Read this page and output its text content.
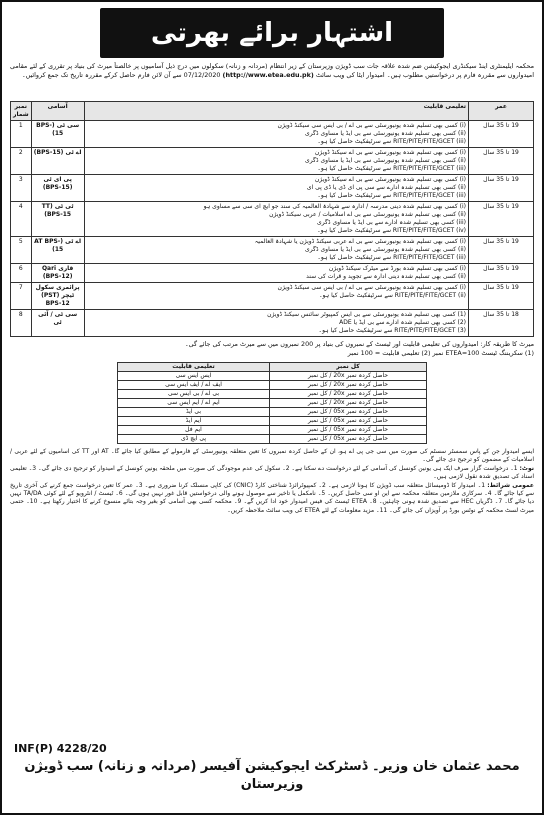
اشتہار برائے بھرتی
محکمہ ایلیمنٹری اینڈ سیکنڈری ایجوکیشن ضم شدہ علاقہ جات سب ڈویژن وزیرستان کے زیر انتظام (مردانہ و زنانہ) سکولوں میں درج ذیل آسامیوں پر خالصتاً میرٹ کی بنیاد پر تقرری کے لئے مقامی امیدواروں سے مقررہ فارم پر درخواستیں مطلوب ہیں۔ امیدوار ایٹا کی ویب سائٹ (http://www.etea.edu.pk) 07/12/2020 سے آن لائن فارم حاصل کرکے مقررہ تاریخ تک جمع کروائیں۔
نمبر شمار	آسامی	تعلیمی قابلیت	عمر
1	سی ٹی (BPS-15)	(i) کسی بھی تسلیم شدہ یونیورسٹی سے بی اے / بی ایس سی سیکنڈ ڈویژن
(ii) کسی بھی تسلیم شدہ یونیورسٹی سے بی ایڈ یا مساوی ڈگری
(iii) RITE/PITE/FITE/GCET سے سرٹیفکیٹ حاصل کیا ہو۔	19 تا 35 سال
2	اے ٹی (BPS-15)	(i) کسی بھی تسلیم شدہ یونیورسٹی سے بی اے سیکنڈ ڈویژن
(ii) کسی بھی تسلیم شدہ یونیورسٹی سے بی ایڈ یا مساوی ڈگری
(iii) RITE/PITE/FITE/GCET سے سرٹیفکیٹ حاصل کیا ہو۔	19 تا 35 سال
3	پی ای ٹی (BPS-15)	(i) کسی بھی تسلیم شدہ یونیورسٹی سے بی اے سیکنڈ ڈویژن
(ii) کسی بھی تسلیم شدہ ادارے سے سی پی ای ڈی یا ڈی پی ای
(iii) RITE/PITE/FITE/GCET سے سرٹیفکیٹ حاصل کیا ہو۔	19 تا 35 سال
4	ٹی ٹی (TT BPS-15)	(i) کسی بھی تسلیم شدہ دینی مدرسہ / ادارہ سے شہادۃ العالمیہ کی سند جو ایچ ای سی سے مساوی ہو
(ii) کسی بھی تسلیم شدہ یونیورسٹی سے بی اے اسلامیات / عربی سیکنڈ ڈویژن
(iii) کسی بھی تسلیم شدہ ادارے سے بی ایڈ یا مساوی ڈگری
(iv) RITE/PITE/FITE/GCET سے سرٹیفکیٹ حاصل کیا ہو۔	19 تا 35 سال
5	اے ٹی (AT BPS-15)	(i) کسی بھی تسلیم شدہ یونیورسٹی سے بی اے عربی سیکنڈ ڈویژن یا شہادۃ العالمیہ
(ii) کسی بھی تسلیم شدہ یونیورسٹی سے بی ایڈ یا مساوی ڈگری
(iii) RITE/PITE/FITE/GCET سے سرٹیفکیٹ حاصل کیا ہو۔	19 تا 35 سال
6	قاری Qari (BPS-12)	(i) کسی بھی تسلیم شدہ بورڈ سے میٹرک سیکنڈ ڈویژن
(ii) کسی بھی تسلیم شدہ دینی ادارہ سے تجوید و قرات کی سند	19 تا 35 سال
7	پرائمری سکول ٹیچر (PST) BPS-12	(i) کسی بھی تسلیم شدہ یونیورسٹی سے بی اے / بی ایس سی سیکنڈ ڈویژن
(ii) RITE/PITE/FITE/GCET سے سرٹیفکیٹ حاصل کیا ہو۔	19 تا 35 سال
8	سی ٹی / آئی ٹی	(1) کسی بھی تسلیم شدہ یونیورسٹی سے بی ایس کمپیوٹر سائنس سیکنڈ ڈویژن
(2) کسی بھی تسلیم شدہ ادارے سے بی ایڈ یا ADE
(3) RITE/PITE/FITE/GCET سے سرٹیفکیٹ حاصل کیا ہو۔	18 تا 35 سال
میرٹ کا طریقہ کار: امیدواروں کی تعلیمی قابلیت اور ٹیسٹ کے نمبروں کی بنیاد پر 200 نمبروں میں سے میرٹ مرتب کی جائے گی۔
(1) سکریننگ ٹیسٹ 100=ETEA نمبر (2) تعلیمی قابلیت = 100 نمبر
تعلیمی قابلیت	کل نمبر
ایس ایس سی	حاصل کردہ نمبر 20x / کل نمبر
ایف اے / ایف ایس سی	حاصل کردہ نمبر 20x / کل نمبر
بی اے / بی ایس سی	حاصل کردہ نمبر 20x / کل نمبر
ایم اے / ایم ایس سی	حاصل کردہ نمبر 20x / کل نمبر
بی ایڈ	حاصل کردہ نمبر 05x / کل نمبر
ایم ایڈ	حاصل کردہ نمبر 05x / کل نمبر
ایم فل	حاصل کردہ نمبر 05x / کل نمبر
پی ایچ ڈی	حاصل کردہ نمبر 05x / کل نمبر
ایسے امیدوار جن کے پاس سمسٹر سسٹم کی صورت میں سی جی پی اے ہو، ان کے حاصل کردہ نمبروں کا تعین متعلقہ یونیورسٹی کے فارمولے کے مطابق کیا جائے گا۔ AT اور TT کی آسامیوں کے لئے عربی / اسلامیات کے مضمون کو ترجیح دی جائے گی۔
نوٹ: 1۔ درخواست گزار صرف ایک ہی یونین کونسل کی آسامی کے لئے درخواست دے سکتا ہے۔ 2۔ سکول کی عدم موجودگی کی صورت میں ملحقہ یونین کونسل کے امیدوار کو ترجیح دی جائے گی۔ 3۔ تعلیمی اسناد کی تصدیق شدہ نقول لازمی ہیں۔
عمومی شرائط: 1۔ امیدوار کا ڈومیسائل متعلقہ سب ڈویژن کا ہونا لازمی ہے۔ 2۔ کمپیوٹرائزڈ شناختی کارڈ (CNIC) کی کاپی منسلک کرنا ضروری ہے۔ 3۔ عمر کا تعین درخواست جمع کرنے کی آخری تاریخ سے کیا جائے گا۔ 4۔ سرکاری ملازمین متعلقہ محکمہ سے این او سی حاصل کریں۔ 5۔ نامکمل یا تاخیر سے موصول ہونے والی درخواستیں قابل غور نہیں ہوں گی۔ 6۔ ٹیسٹ / انٹرویو کے لئے کوئی TA/DA نہیں دیا جائے گا۔ 7۔ ڈگریاں HEC سے تصدیق شدہ ہونی چاہئیں۔ 8۔ ETEA ٹیسٹ کی فیس امیدوار خود ادا کریں گے۔ 9۔ محکمہ کسی بھی آسامی کو بغیر وجہ بتائے منسوخ کرنے کا اختیار رکھتا ہے۔ 10۔ حتمی میرٹ لسٹ محکمہ کے نوٹس بورڈ پر آویزاں کی جائے گی۔ 11۔ مزید معلومات کے لئے ETEA کی ویب سائٹ ملاحظہ کریں۔
INF(P) 4228/20
محمد عثمان خان وزیر۔ ڈسٹرکٹ ایجوکیشن آفیسر (مردانہ و زنانہ) سب ڈویژن وزیرستان
